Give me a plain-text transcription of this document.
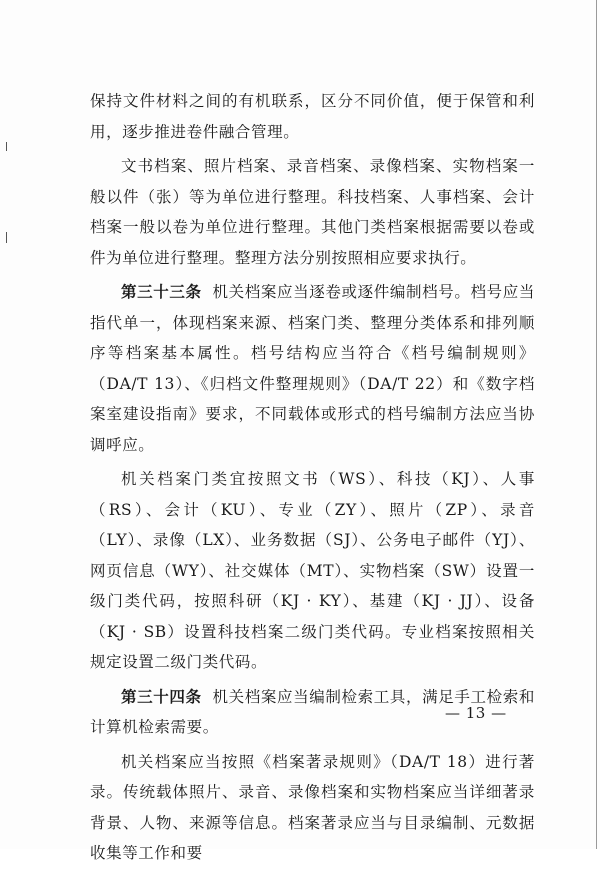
保持文件材料之间的有机联系，区分不同价值，便于保管和利用，逐步推进卷件融合管理。

文书档案、照片档案、录音档案、录像档案、实物档案一般以件（张）等为单位进行整理。科技档案、人事档案、会计档案一般以卷为单位进行整理。其他门类档案根据需要以卷或件为单位进行整理。整理方法分别按照相应要求执行。

第三十三条 机关档案应当逐卷或逐件编制档号。档号应当指代单一，体现档案来源、档案门类、整理分类体系和排列顺序等档案基本属性。档号结构应当符合《档号编制规则》（DA/T 13）、《归档文件整理规则》（DA/T 22）和《数字档案室建设指南》要求，不同载体或形式的档号编制方法应当协调呼应。

机关档案门类宜按照文书（WS）、科技（KJ）、人事（RS）、会计（KU）、专业（ZY）、照片（ZP）、录音（LY）、录像（LX）、业务数据（SJ）、公务电子邮件（YJ）、网页信息（WY）、社交媒体（MT）、实物档案（SW）设置一级门类代码，按照科研（KJ · KY）、基建（KJ · JJ）、设备（KJ · SB）设置科技档案二级门类代码。专业档案按照相关规定设置二级门类代码。

第三十四条 机关档案应当编制检索工具，满足手工检索和计算机检索需要。

机关档案应当按照《档案著录规则》（DA/T 18）进行著录。传统载体照片、录音、录像档案和实物档案应当详细著录背景、人物、来源等信息。档案著录应当与目录编制、元数据收集等工作和要

— 13 —
